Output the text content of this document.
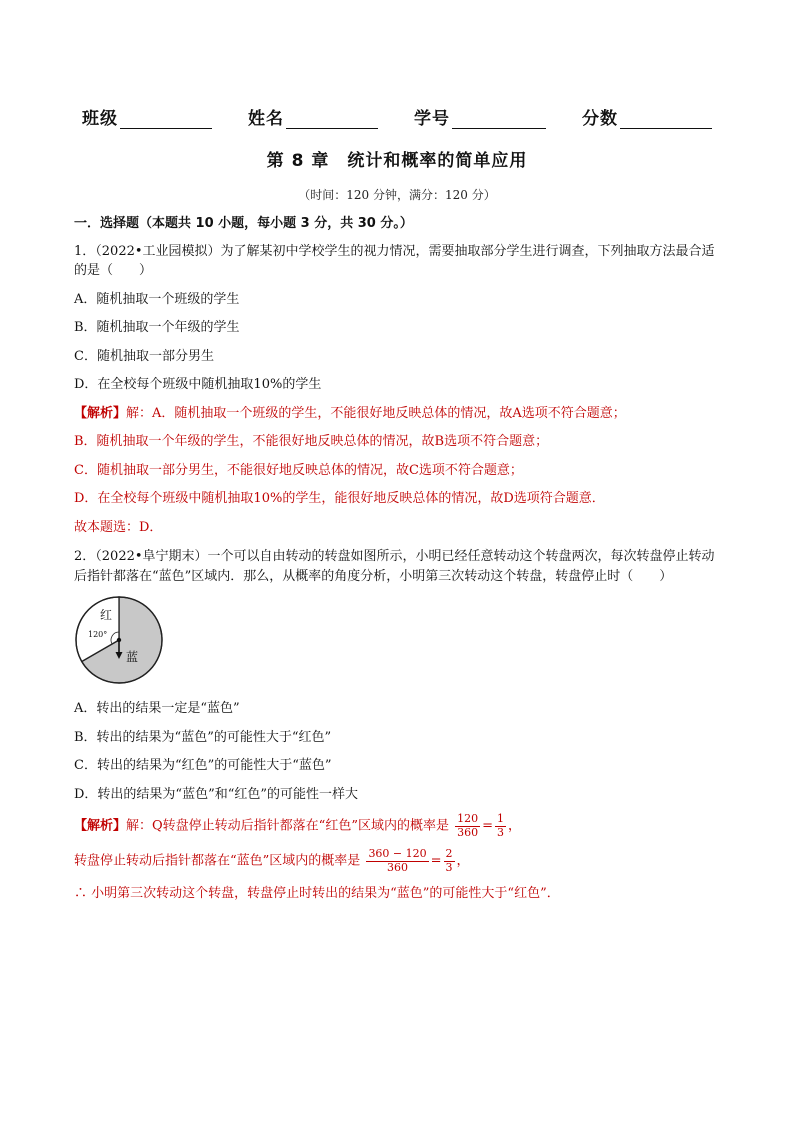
班级	姓名	学号	分数
第 8 章　统计和概率的简单应用
（时间：120 分钟，满分：120 分）
一．选择题（本题共 10 小题，每小题 3 分，共 30 分。）
1．（2022•工业园模拟）为了解某初中学校学生的视力情况，需要抽取部分学生进行调查，下列抽取方法最合适的是（　　）
A．随机抽取一个班级的学生
B．随机抽取一个年级的学生
C．随机抽取一部分男生
D．在全校每个班级中随机抽取10%的学生
【解析】解：A．随机抽取一个班级的学生，不能很好地反映总体的情况，故A选项不符合题意；
B．随机抽取一个年级的学生，不能很好地反映总体的情况，故B选项不符合题意；
C．随机抽取一部分男生，不能很好地反映总体的情况，故C选项不符合题意；
D．在全校每个班级中随机抽取10%的学生，能很好地反映总体的情况，故D选项符合题意．
故本题选：D．
2．（2022•阜宁期末）一个可以自由转动的转盘如图所示，小明已经任意转动这个转盘两次，每次转盘停止转动后指针都落在“蓝色”区域内．那么，从概率的角度分析，小明第三次转动这个转盘，转盘停止时（　　）
红
120°
蓝
A．转出的结果一定是“蓝色”
B．转出的结果为“蓝色”的可能性大于“红色”
C．转出的结果为“红色”的可能性大于“蓝色”
D．转出的结果为“蓝色”和“红色”的可能性一样大
【解析】解：Q转盘停止转动后指针都落在“红色”区域内的概率是 $\frac{120}{360} = \frac{1}{3}$ ，
转盘停止转动后指针都落在“蓝色”区域内的概率是 $\frac{360 - 120}{360} = \frac{2}{3}$ ，
∴ 小明第三次转动这个转盘，转盘停止时转出的结果为“蓝色”的可能性大于“红色”．
